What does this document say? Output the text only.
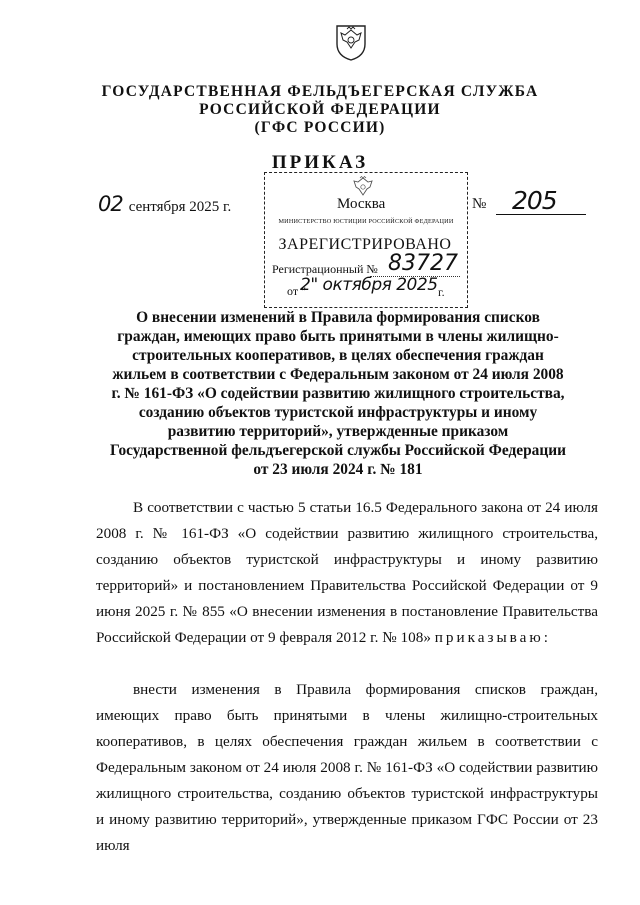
ГОСУДАРСТВЕННАЯ ФЕЛЬДЪЕГЕРСКАЯ СЛУЖБА
РОССИЙСКОЙ ФЕДЕРАЦИИ
(ГФС РОССИИ)
ПРИКАЗ
02 сентября 2025 г.	Москва
МИНИСТЕРСТВО ЮСТИЦИИ РОССИЙСКОЙ ФЕДЕРАЦИИ
ЗАРЕГИСТРИРОВАНО
Регистрационный № 83727
от "
2" октября 2025 г.
№ 205
О внесении изменений в Правила формирования списков граждан, имеющих право быть принятыми в члены жилищно-строительных кооперативов, в целях обеспечения граждан жильем в соответствии с Федеральным законом от 24 июля 2008 г. № 161-ФЗ «О содействии развитию жилищного строительства, созданию объектов туристской инфраструктуры и иному развитию территорий», утвержденные приказом Государственной фельдъегерской службы Российской Федерации от 23 июля 2024 г. № 181
В соответствии с частью 5 статьи 16.5 Федерального закона от 24 июля 2008 г. № 161-ФЗ «О содействии развитию жилищного строительства, созданию объектов туристской инфраструктуры и иному развитию территорий» и постановлением Правительства Российской Федерации от 9 июня 2025 г. № 855 «О внесении изменения в постановление Правительства Российской Федерации от 9 февраля 2012 г. № 108» приказываю:
внести изменения в Правила формирования списков граждан, имеющих право быть принятыми в члены жилищно-строительных кооперативов, в целях обеспечения граждан жильем в соответствии с Федеральным законом от 24 июля 2008 г. № 161-ФЗ «О содействии развитию жилищного строительства, созданию объектов туристской инфраструктуры и иному развитию территорий», утвержденные приказом ГФС России от 23 июля
